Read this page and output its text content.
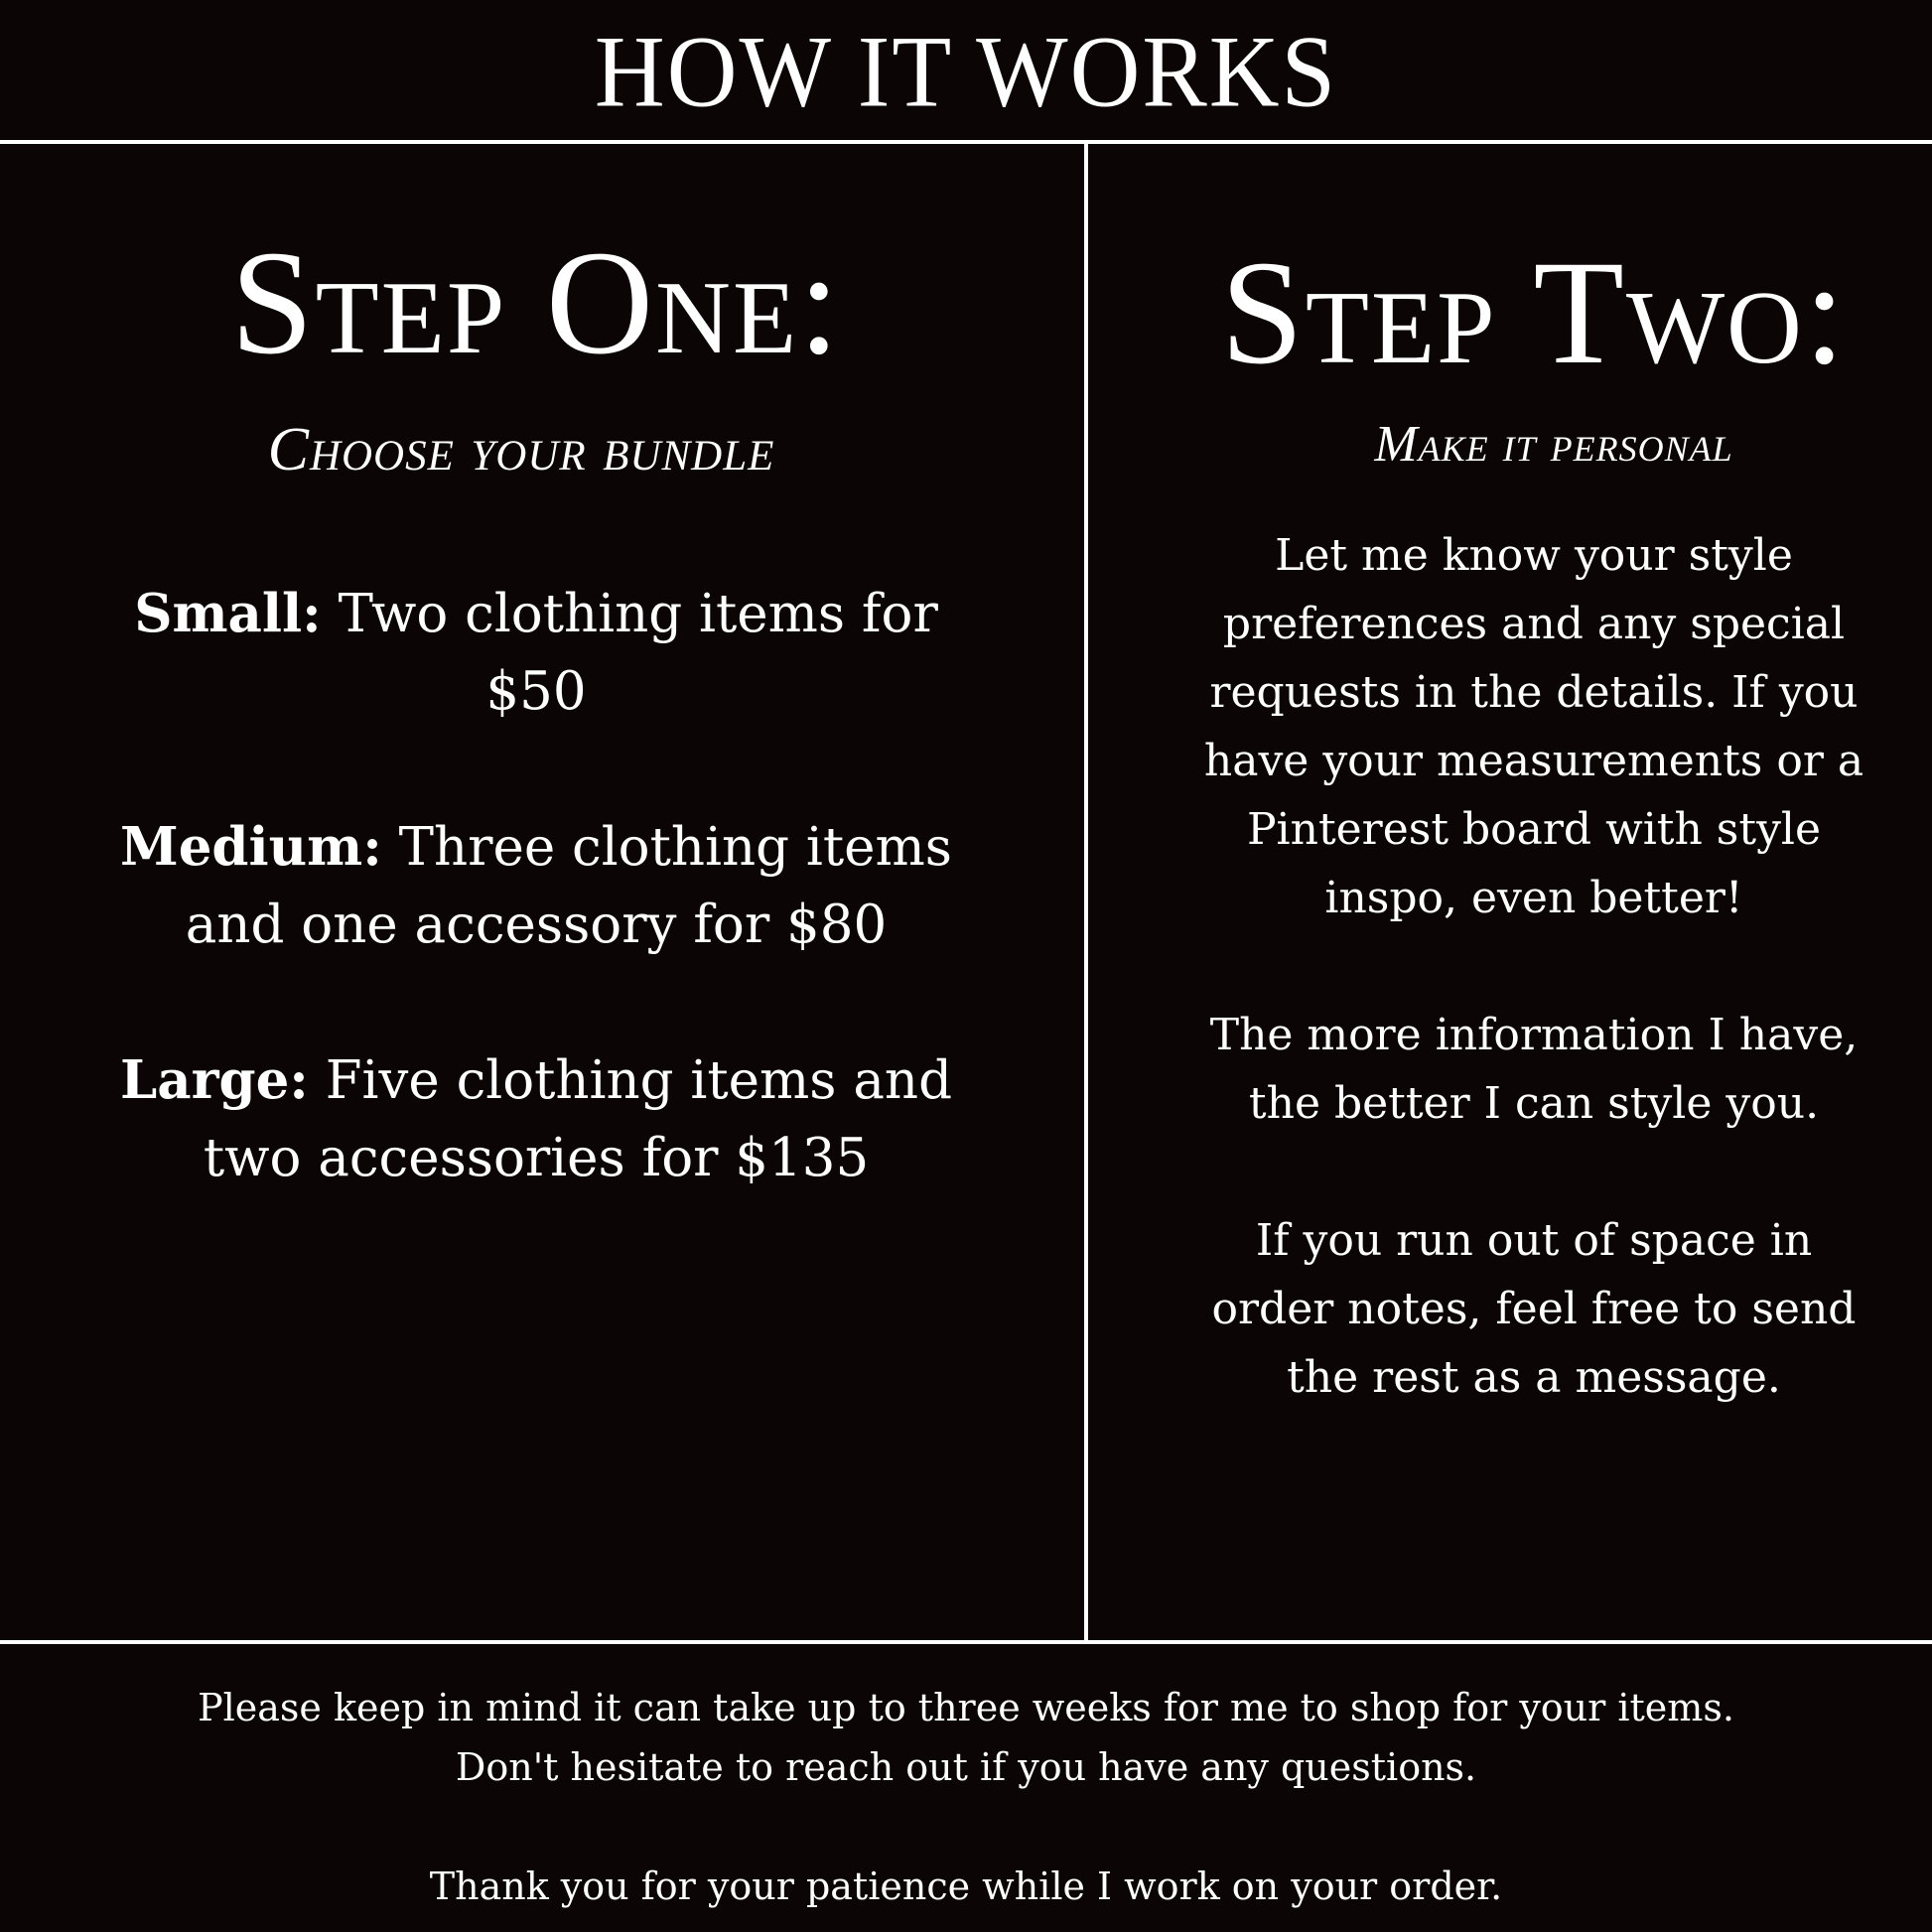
HOW IT WORKS
Step One:
Choose your bundle
Small: Two clothing items for $50
Medium: Three clothing items and one accessory for $80
Large: Five clothing items and two accessories for $135
Step Two:
Make it personal

Let me know your style preferences and any special requests in the details. If you have your measurements or a Pinterest board with style inspo, even better!

The more information I have, the better I can style you.

If you run out of space in order notes, feel free to send the rest as a message.

Please keep in mind it can take up to three weeks for me to shop for your items.

Don't hesitate to reach out if you have any questions.

Thank you for your patience while I work on your order.
